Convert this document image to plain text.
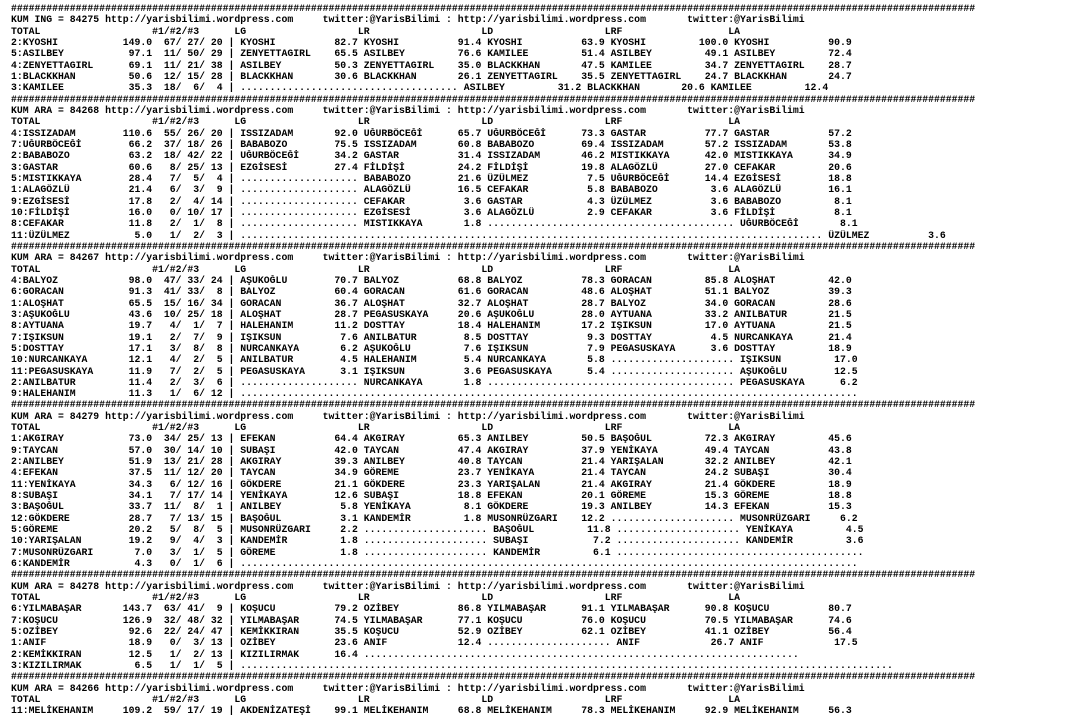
####################################################################################################################################################################
KUM ING = 84275 http://yarisbilimi.wordpress.com     twitter:@YarisBilimi : http://yarisbilimi.wordpress.com       twitter:@YarisBilimi
TOTAL                   #1/#2/#3      LG                   LR                   LD                   LRF                  LA
2:KYOSHI           149.0  67/ 27/ 20 | KYOSHI          82.7 KYOSHI          91.4 KYOSHI          63.9 KYOSHI         100.0 KYOSHI          90.9
5:ASILBEY           97.1  11/ 50/ 29 | ZENYETTAGIRL    65.5 ASILBEY         76.6 KAMILEE         51.4 ASILBEY         49.1 ASILBEY         72.4
4:ZENYETTAGIRL      69.1  11/ 21/ 38 | ASILBEY         50.3 ZENYETTAGIRL    35.0 BLACKKHAN       47.5 KAMILEE         34.7 ZENYETTAGIRL    28.7
1:BLACKKHAN         50.6  12/ 15/ 28 | BLACKKHAN       30.6 BLACKKHAN       26.1 ZENYETTAGIRL    35.5 ZENYETTAGIRL    24.7 BLACKKHAN       24.7
3:KAMILEE           35.3  18/  6/  4 | ..................................... ASILBEY         31.2 BLACKKHAN       20.6 KAMILEE         12.4
####################################################################################################################################################################
KUM ARA = 84268 http://yarisbilimi.wordpress.com     twitter:@YarisBilimi : http://yarisbilimi.wordpress.com       twitter:@YarisBilimi
TOTAL                   #1/#2/#3      LG                   LR                   LD                   LRF                  LA
4:ISSIZADAM        110.6  55/ 26/ 20 | ISSIZADAM       92.0 UĞURBÖCEĞİ      65.7 UĞURBÖCEĞİ      73.3 GASTAR          77.7 GASTAR          57.2
7:UĞURBÖCEĞİ        66.2  37/ 18/ 26 | BABABOZO        75.5 ISSIZADAM       60.8 BABABOZO        69.4 ISSIZADAM       57.2 ISSIZADAM       53.8
2:BABABOZO          63.2  18/ 42/ 22 | UĞURBÖCEĞİ      34.2 GASTAR          31.4 ISSIZADAM       46.2 MISTIKKAYA      42.0 MISTIKKAYA      34.9
3:GASTAR            60.6   8/ 25/ 13 | EZGİSESİ        27.4 FİLDİŞİ         24.2 FİLDİŞİ         19.8 ALAGÖZLÜ        27.0 CEFAKAR         20.6
5:MISTIKKAYA        28.4   7/  5/  4 | .................... BABABOZO        21.6 ÜZÜLMEZ          7.5 UĞURBÖCEĞİ      14.4 EZGİSESİ        18.8
1:ALAGÖZLÜ          21.4   6/  3/  9 | .................... ALAGÖZLÜ        16.5 CEFAKAR          5.8 BABABOZO         3.6 ALAGÖZLÜ        16.1
9:EZGİSESİ          17.8   2/  4/ 14 | .................... CEFAKAR          3.6 GASTAR           4.3 ÜZÜLMEZ          3.6 BABABOZO         8.1
10:FİLDİŞİ          16.0   0/ 10/ 17 | .................... EZGİSESİ         3.6 ALAGÖZLÜ         2.9 CEFAKAR          3.6 FİLDİŞİ          8.1
8:CEFAKAR           11.8   2/  1/  8 | .................... MISTIKKAYA       1.8 .......................................... UĞURBÖCEĞİ       8.1
11:ÜZÜLMEZ           5.0   1/  2/  3 | ................................................................................................... ÜZÜLMEZ          3.6
####################################################################################################################################################################
KUM ARA = 84267 http://yarisbilimi.wordpress.com     twitter:@YarisBilimi : http://yarisbilimi.wordpress.com       twitter:@YarisBilimi
TOTAL                   #1/#2/#3      LG                   LR                   LD                   LRF                  LA
4:BALYOZ            98.0  47/ 33/ 24 | AŞUKOĞLU        70.7 BALYOZ          68.8 BALYOZ          78.3 GORACAN         85.8 ALOŞHAT         42.0
6:GORACAN           91.3  41/ 33/  8 | BALYOZ          60.4 GORACAN         61.6 GORACAN         48.6 ALOŞHAT         51.1 BALYOZ          39.3
1:ALOŞHAT           65.5  15/ 16/ 34 | GORACAN         36.7 ALOŞHAT         32.7 ALOŞHAT         28.7 BALYOZ          34.0 GORACAN         28.6
3:AŞUKOĞLU          43.6  10/ 25/ 18 | ALOŞHAT         28.7 PEGASUSKAYA     20.6 AŞUKOĞLU        28.0 AYTUANA         33.2 ANILBATUR       21.5
8:AYTUANA           19.7   4/  1/  7 | HALEHANIM       11.2 DOSTTAY         18.4 HALEHANIM       17.2 IŞIKSUN         17.0 AYTUANA         21.5
7:IŞIKSUN           19.1   2/  7/  9 | IŞIKSUN          7.6 ANILBATUR        8.5 DOSTTAY          9.3 DOSTTAY          4.5 NURCANKAYA      21.4
5:DOSTTAY           17.1   3/  8/  8 | NURCANKAYA       6.2 AŞUKOĞLU         7.6 IŞIKSUN          7.9 PEGASUSKAYA      3.6 DOSTTAY         18.9
10:NURCANKAYA       12.1   4/  2/  5 | ANILBATUR        4.5 HALEHANIM        5.4 NURCANKAYA       5.8 ..................... IŞIKSUN         17.0
11:PEGASUSKAYA      11.9   7/  2/  5 | PEGASUSKAYA      3.1 IŞIKSUN          3.6 PEGASUSKAYA      5.4 ..................... AŞUKOĞLU        12.5
2:ANILBATUR         11.4   2/  3/  6 | .................... NURCANKAYA       1.8 .......................................... PEGASUSKAYA      6.2
9:HALEHANIM         11.3   1/  6/ 12 | .........................................................................................................
####################################################################################################################################################################
KUM ARA = 84279 http://yarisbilimi.wordpress.com     twitter:@YarisBilimi : http://yarisbilimi.wordpress.com       twitter:@YarisBilimi
TOTAL                   #1/#2/#3      LG                   LR                   LD                   LRF                  LA
1:AKGIRAY           73.0  34/ 25/ 13 | EFEKAN          64.4 AKGIRAY         65.3 ANILBEY         50.5 BAŞOĞUL         72.3 AKGIRAY         45.6
9:TAYCAN            57.0  30/ 14/ 10 | SUBAŞI          42.0 TAYCAN          47.4 AKGIRAY         37.9 YENİKAYA        49.4 TAYCAN          43.8
2:ANILBEY           51.9  13/ 21/ 28 | AKGIRAY         39.3 ANILBEY         40.8 TAYCAN          21.4 YARIŞALAN       32.2 ANILBEY         42.1
4:EFEKAN            37.5  11/ 12/ 20 | TAYCAN          34.9 GÖREME          23.7 YENİKAYA        21.4 TAYCAN          24.2 SUBAŞI          30.4
11:YENİKAYA         34.3   6/ 12/ 16 | GÖKDERE         21.1 GÖKDERE         23.3 YARIŞALAN       21.4 AKGIRAY         21.4 GÖKDERE         18.9
8:SUBAŞI            34.1   7/ 17/ 14 | YENİKAYA        12.6 SUBAŞI          18.8 EFEKAN          20.1 GÖREME          15.3 GÖREME          18.8
3:BAŞOĞUL           33.7  11/  8/  1 | ANILBEY          5.8 YENİKAYA         8.1 GÖKDERE         19.3 ANILBEY         14.3 EFEKAN          15.3
12:GÖKDERE          28.7   7/ 13/ 15 | BAŞOĞUL          3.1 KANDEMİR         1.8 MUSONRÜZGARI    12.2 ..................... MUSONRÜZGARI     6.2
5:GÖREME            20.2   5/  8/  5 | MUSONRÜZGARI     2.2 ..................... BAŞOĞUL         11.8 ..................... YENİKAYA         4.5
10:YARIŞALAN        19.2   9/  4/  3 | KANDEMİR         1.8 ..................... SUBAŞI           7.2 ..................... KANDEMİR         3.6
7:MUSONRÜZGARI       7.0   3/  1/  5 | GÖREME           1.8 ..................... KANDEMİR         6.1 ..........................................
6:KANDEMİR           4.3   0/  1/  6 | .........................................................................................................
####################################################################################################################################################################
KUM ARA = 84278 http://yarisbilimi.wordpress.com     twitter:@YarisBilimi : http://yarisbilimi.wordpress.com       twitter:@YarisBilimi
TOTAL                   #1/#2/#3      LG                   LR                   LD                   LRF                  LA
6:YILMABAŞAR       143.7  63/ 41/  9 | KOŞUCU          79.2 OZİBEY          86.8 YILMABAŞAR      91.1 YILMABAŞAR      90.8 KOŞUCU          80.7
7:KOŞUCU           126.9  32/ 48/ 32 | YILMABAŞAR      74.5 YILMABAŞAR      77.1 KOŞUCU          76.0 KOŞUCU          70.5 YILMABAŞAR      74.6
5:OZİBEY            92.6  22/ 24/ 47 | KEMİKKIRAN      35.5 KOŞUCU          52.9 OZİBEY          62.1 OZİBEY          41.1 OZİBEY          56.4
1:ANIF              18.9   0/  3/ 13 | OZİBEY          23.6 ANIF            12.4 ..................... ANIF            26.7 ANIF            17.5
2:KEMİKKIRAN        12.5   1/  2/ 13 | KIZILIRMAK      16.4 ..........................................................................
3:KIZILIRMAK         6.5   1/  1/  5 | ...............................................................................................................
####################################################################################################################################################################
KUM ARA = 84266 http://yarisbilimi.wordpress.com     twitter:@YarisBilimi : http://yarisbilimi.wordpress.com       twitter:@YarisBilimi
TOTAL                   #1/#2/#3      LG                   LR                   LD                   LRF                  LA
11:MELİKEHANIM     109.2  59/ 17/ 19 | AKDENİZATEŞİ    99.1 MELİKEHANIM     68.8 MELİKEHANIM     78.3 MELİKEHANIM     92.9 MELİKEHANIM     56.3
